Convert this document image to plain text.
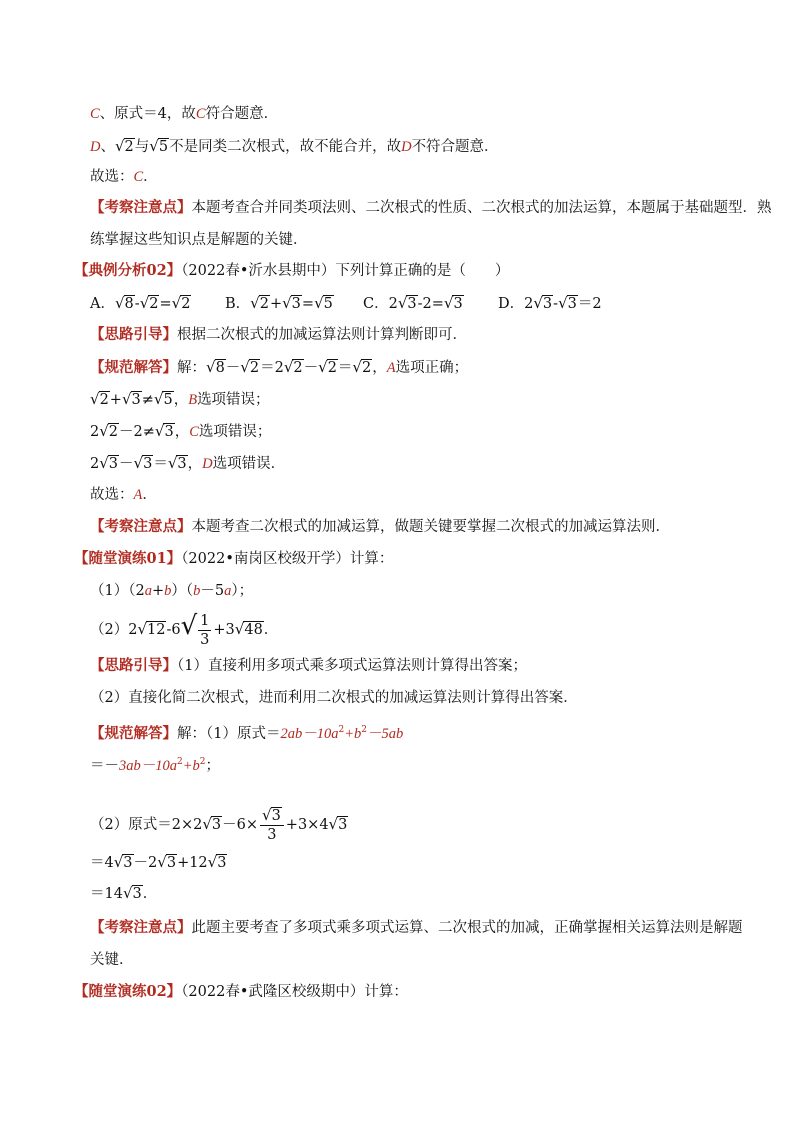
C、原式＝4，故C符合题意．
D、√2与√5不是同类二次根式，故不能合并，故D不符合题意．
故选：C．
【考察注意点】本题考查合并同类项法则、二次根式的性质、二次根式的加法运算，本题属于基础题型．熟
练掌握这些知识点是解题的关键．
【典例分析02】（2022春•沂水县期中）下列计算正确的是（　　）
A．√8-√2=√2 B．√2+√3=√5 C．2√3-2=√3 D．2√3-√3＝2
【思路引导】根据二次根式的加减运算法则计算判断即可．
【规范解答】解：√8－√2＝2√2－√2＝√2，A选项正确；
√2+√3≠√5，B选项错误；
2√2－2≠√3，C选项错误；
2√3－√3＝√3，D选项错误．
故选：A．
【考察注意点】本题考查二次根式的加减运算，做题关键要掌握二次根式的加减运算法则．
【随堂演练01】（2022•南岗区校级开学）计算：
（1）（2a+b）（b－5a）；
$(2)2√12-6√ \frac{1}{3} +3√48$．
【思路引导】（1）直接利用多项式乘多项式运算法则计算得出答案；
（2）直接化简二次根式，进而利用二次根式的加减运算法则计算得出答案．
【规范解答】解：（1）原式$=2ab-10a^2+b^2-5ab$
$=-3ab-10a^2+b^2$；
（2）原式$=2\times 2√3-6\times \frac{√3}{3} +3\times 4√3$
＝4√3－2√3+12√3
＝14√3．
【考察注意点】此题主要考查了多项式乘多项式运算、二次根式的加减，正确掌握相关运算法则是解题
关键．
【随堂演练02】（2022春•武隆区校级期中）计算：
